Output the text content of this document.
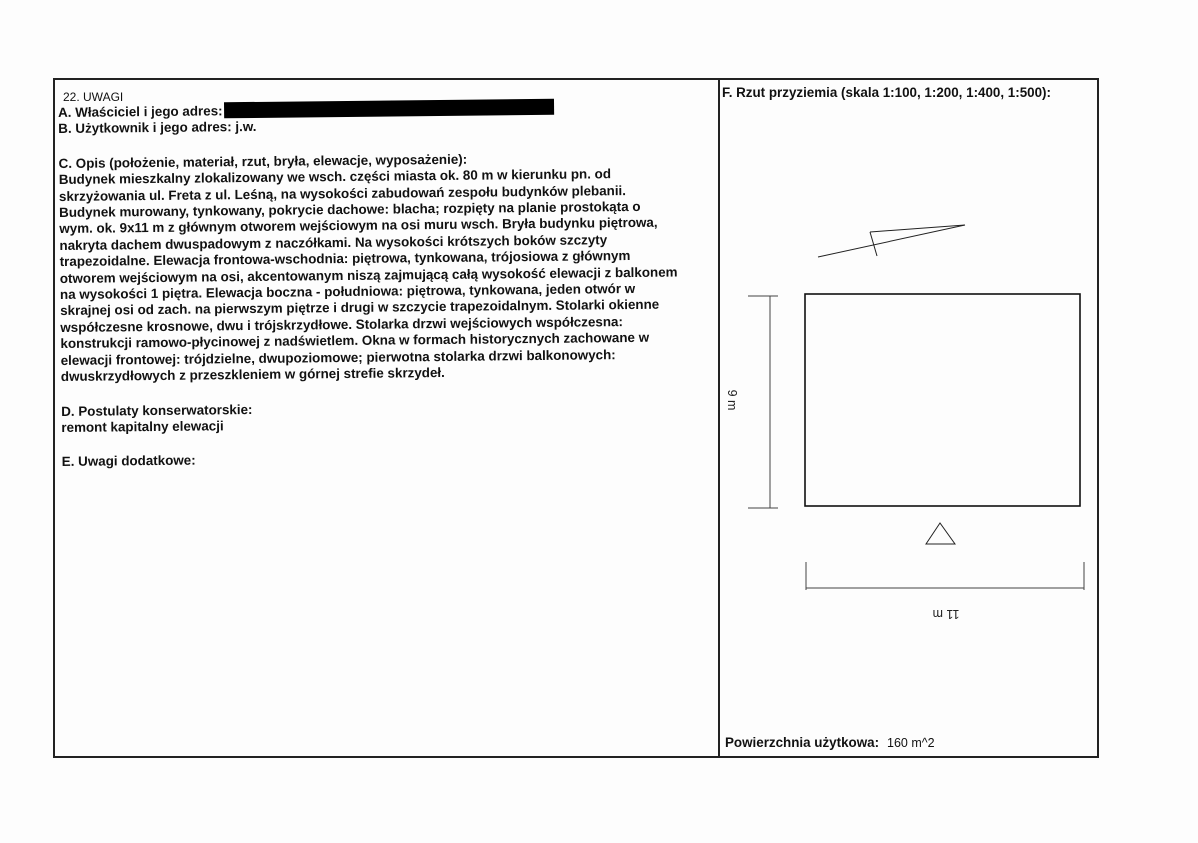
22. UWAGI

A. Właściciel i jego adres:

B. Użytkownik i jego adres: j.w.

C. Opis (położenie, materiał, rzut, bryła, elewacje, wyposażenie):

Budynek mieszkalny zlokalizowany we wsch. części miasta ok. 80 m w kierunku pn. od

skrzyżowania ul. Freta z ul. Leśną, na wysokości zabudowań zespołu budynków plebanii.

Budynek murowany, tynkowany, pokrycie dachowe: blacha; rozpięty na planie prostokąta o

wym. ok. 9x11 m z głównym otworem wejściowym na osi muru wsch. Bryła budynku piętrowa,

nakryta dachem dwuspadowym z naczółkami. Na wysokości krótszych boków szczyty

trapezoidalne. Elewacja frontowa-wschodnia: piętrowa, tynkowana, trójosiowa z głównym

otworem wejściowym na osi, akcentowanym niszą zajmującą całą wysokość elewacji z balkonem

na wysokości 1 piętra. Elewacja boczna - południowa: piętrowa, tynkowana, jeden otwór w

skrajnej osi od zach. na pierwszym piętrze i drugi w szczycie trapezoidalnym. Stolarki okienne

współczesne krosnowe, dwu i trójskrzydłowe. Stolarka drzwi wejściowych współczesna:

konstrukcji ramowo-płycinowej z nadświetlem. Okna w formach historycznych zachowane w

elewacji frontowej: trójdzielne, dwupoziomowe; pierwotna stolarka drzwi balkonowych:

dwuskrzydłowych z przeszkleniem w górnej strefie skrzydeł.

D. Postulaty konserwatorskie:

remont kapitalny elewacji

E. Uwagi dodatkowe:

F. Rzut przyziemia (skala 1:100, 1:200, 1:400, 1:500):
9 m
11 m
Powierzchnia użytkowa: 160 m^2
